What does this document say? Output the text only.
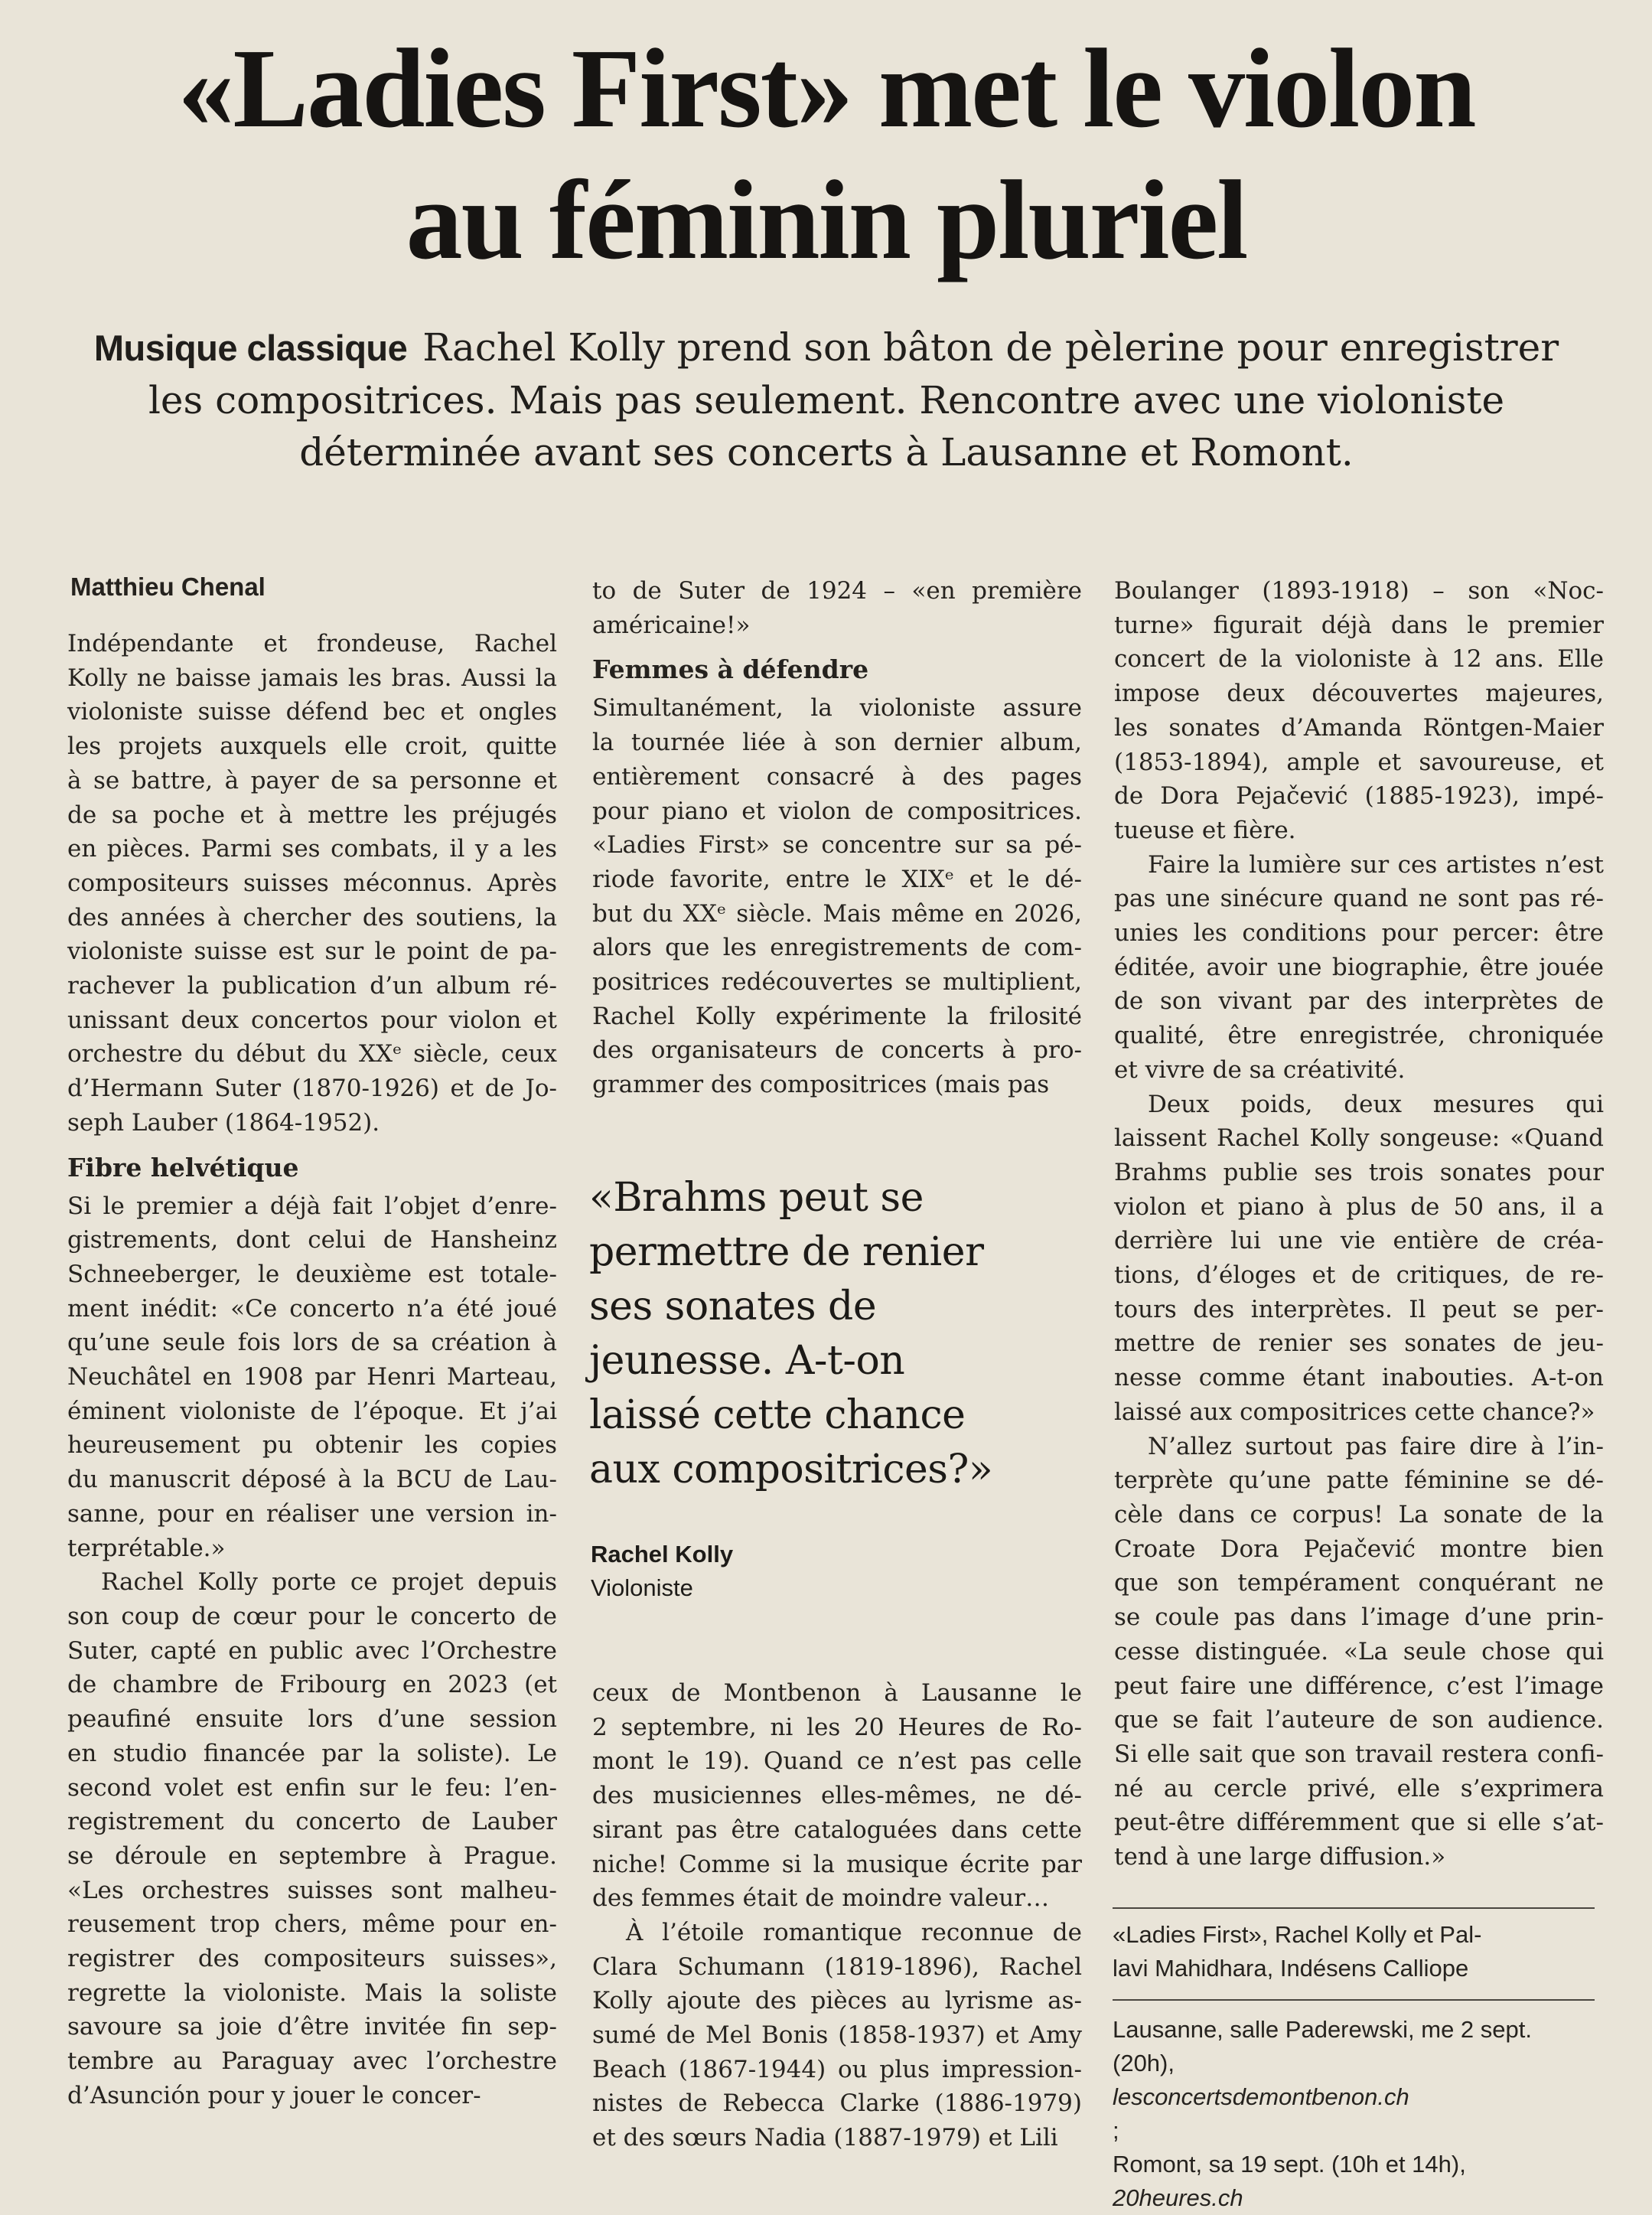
«Ladies First» met le violon
au féminin pluriel
Musique classique Rachel Kolly prend son bâton de pèlerine pour enregistrer
les compositrices. Mais pas seulement. Rencontre avec une violoniste
déterminée avant ses concerts à Lausanne et Romont.
Matthieu Chenal
Indépendante et frondeuse, Rachel
Kolly ne baisse jamais les bras. Aussi la
violoniste suisse défend bec et ongles
les projets auxquels elle croit, quitte
à se battre, à payer de sa personne et
de sa poche et à mettre les préjugés
en pièces. Parmi ses combats, il y a les
compositeurs suisses méconnus. Après
des années à chercher des soutiens, la
violoniste suisse est sur le point de pa-
rachever la publication d’un album ré-
unissant deux concertos pour violon et
orchestre du début du XXᵉ siècle, ceux
d’Hermann Suter (1870-1926) et de Jo-
seph Lauber (1864-1952).
Fibre helvétique
Si le premier a déjà fait l’objet d’enre-
gistrements, dont celui de Hansheinz
Schneeberger, le deuxième est totale-
ment inédit: «Ce concerto n’a été joué
qu’une seule fois lors de sa création à
Neuchâtel en 1908 par Henri Marteau,
éminent violoniste de l’époque. Et j’ai
heureusement pu obtenir les copies
du manuscrit déposé à la BCU de Lau-
sanne, pour en réaliser une version in-
terprétable.»
Rachel Kolly porte ce projet depuis
son coup de cœur pour le concerto de
Suter, capté en public avec l’Orchestre
de chambre de Fribourg en 2023 (et
peaufiné ensuite lors d’une session
en studio financée par la soliste). Le
second volet est enfin sur le feu: l’en-
registrement du concerto de Lauber
se déroule en septembre à Prague.
«Les orchestres suisses sont malheu-
reusement trop chers, même pour en-
registrer des compositeurs suisses»,
regrette la violoniste. Mais la soliste
savoure sa joie d’être invitée fin sep-
tembre au Paraguay avec l’orchestre
d’Asunción pour y jouer le concer-
to de Suter de 1924 – «en première
américaine!»
Femmes à défendre
Simultanément, la violoniste assure
la tournée liée à son dernier album,
entièrement consacré à des pages
pour piano et violon de compositrices.
«Ladies First» se concentre sur sa pé-
riode favorite, entre le XIXᵉ et le dé-
but du XXᵉ siècle. Mais même en 2026,
alors que les enregistrements de com-
positrices redécouvertes se multiplient,
Rachel Kolly expérimente la frilosité
des organisateurs de concerts à pro-
grammer des compositrices (mais pas
«Brahms peut se
permettre de renier
ses sonates de
jeunesse. A-t-on
laissé cette chance
aux compositrices?»
Rachel Kolly
Violoniste
ceux de Montbenon à Lausanne le
2 septembre, ni les 20 Heures de Ro-
mont le 19). Quand ce n’est pas celle
des musiciennes elles-mêmes, ne dé-
sirant pas être cataloguées dans cette
niche! Comme si la musique écrite par
des femmes était de moindre valeur…
À l’étoile romantique reconnue de
Clara Schumann (1819-1896), Rachel
Kolly ajoute des pièces au lyrisme as-
sumé de Mel Bonis (1858-1937) et Amy
Beach (1867-1944) ou plus impression-
nistes de Rebecca Clarke (1886-1979)
et des sœurs Nadia (1887-1979) et Lili
Boulanger (1893-1918) – son «Noc-
turne» figurait déjà dans le premier
concert de la violoniste à 12 ans. Elle
impose deux découvertes majeures,
les sonates d’Amanda Röntgen-Maier
(1853-1894), ample et savoureuse, et
de Dora Pejačević (1885-1923), impé-
tueuse et fière.
Faire la lumière sur ces artistes n’est
pas une sinécure quand ne sont pas ré-
unies les conditions pour percer: être
éditée, avoir une biographie, être jouée
de son vivant par des interprètes de
qualité, être enregistrée, chroniquée
et vivre de sa créativité.
Deux poids, deux mesures qui
laissent Rachel Kolly songeuse: «Quand
Brahms publie ses trois sonates pour
violon et piano à plus de 50 ans, il a
derrière lui une vie entière de créa-
tions, d’éloges et de critiques, de re-
tours des interprètes. Il peut se per-
mettre de renier ses sonates de jeu-
nesse comme étant inabouties. A-t-on
laissé aux compositrices cette chance?»
N’allez surtout pas faire dire à l’in-
terprète qu’une patte féminine se dé-
cèle dans ce corpus! La sonate de la
Croate Dora Pejačević montre bien
que son tempérament conquérant ne
se coule pas dans l’image d’une prin-
cesse distinguée. «La seule chose qui
peut faire une différence, c’est l’image
que se fait l’auteure de son audience.
Si elle sait que son travail restera confi-
né au cercle privé, elle s’exprimera
peut-être différemment que si elle s’at-
tend à une large diffusion.»
«Ladies First», Rachel Kolly et Pal-
lavi Mahidhara, Indésens Calliope
Lausanne, salle Paderewski, me 2 sept.
(20h),
lesconcertsdemontbenon.ch
;
Romont, sa 19 sept. (10h et 14h),
20heures.ch
